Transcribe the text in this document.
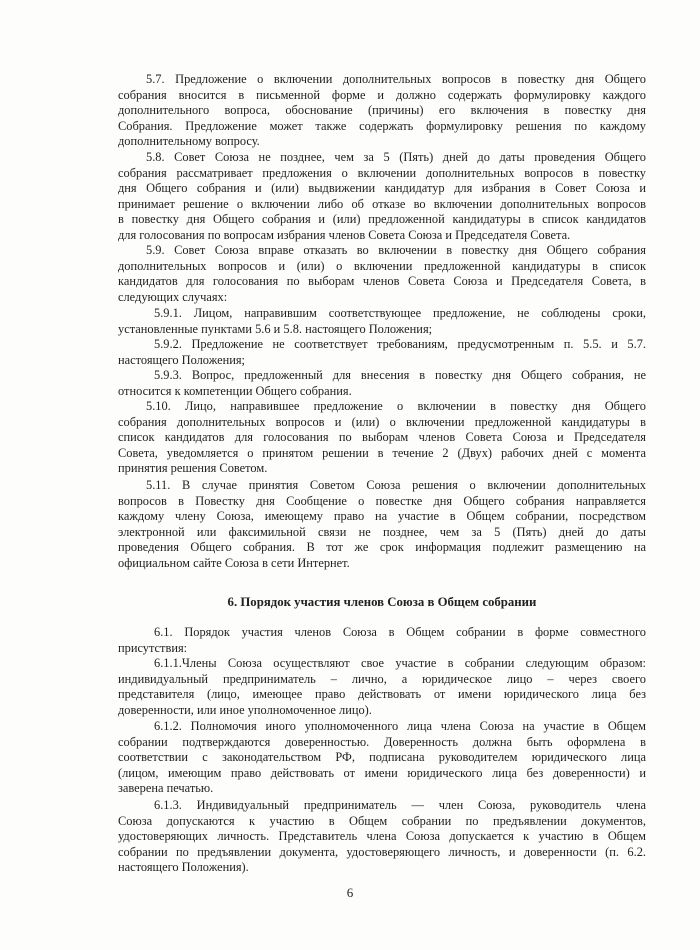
5.7. Предложение о включении дополнительных вопросов в повестку дня Общего
собрания вносится в письменной форме и должно содержать формулировку каждого
дополнительного вопроса, обоснование (причины) его включения в повестку дня
Собрания. Предложение может также содержать формулировку решения по каждому
дополнительному вопросу.
5.8. Совет Союза не позднее, чем за 5 (Пять) дней до даты проведения Общего
собрания рассматривает предложения о включении дополнительных вопросов в повестку
дня Общего собрания и (или) выдвижении кандидатур для избрания в Совет Союза и
принимает решение о включении либо об отказе во включении дополнительных вопросов
в повестку дня Общего собрания и (или) предложенной кандидатуры в список кандидатов
для голосования по вопросам избрания членов Совета Союза и Председателя Совета.
5.9. Совет Союза вправе отказать во включении в повестку дня Общего собрания
дополнительных вопросов и (или) о включении предложенной кандидатуры в список
кандидатов для голосования по выборам членов Совета Союза и Председателя Совета, в
следующих случаях:
5.9.1. Лицом, направившим соответствующее предложение, не соблюдены сроки,
установленные пунктами 5.6 и 5.8. настоящего Положения;
5.9.2. Предложение не соответствует требованиям, предусмотренным п. 5.5. и 5.7.
настоящего Положения;
5.9.3. Вопрос, предложенный для внесения в повестку дня Общего собрания, не
относится к компетенции Общего собрания.
5.10. Лицо, направившее предложение о включении в повестку дня Общего
собрания дополнительных вопросов и (или) о включении предложенной кандидатуры в
список кандидатов для голосования по выборам членов Совета Союза и Председателя
Совета, уведомляется о принятом решении в течение 2 (Двух) рабочих дней с момента
принятия решения Советом.
5.11. В случае принятия Советом Союза решения о включении дополнительных
вопросов в Повестку дня Сообщение о повестке дня Общего собрания направляется
каждому члену Союза, имеющему право на участие в Общем собрании, посредством
электронной или факсимильной связи не позднее, чем за 5 (Пять) дней до даты
проведения Общего собрания. В тот же срок информация подлежит размещению на
официальном сайте Союза в сети Интернет.
6. Порядок участия членов Союза в Общем собрании
6.1. Порядок участия членов Союза в Общем собрании в форме совместного
присутствия:
6.1.1.Члены Союза осуществляют свое участие в собрании следующим образом:
индивидуальный предприниматель – лично, а юридическое лицо – через своего
представителя (лицо, имеющее право действовать от имени юридического лица без
доверенности, или иное уполномоченное лицо).
6.1.2. Полномочия иного уполномоченного лица члена Союза на участие в Общем
собрании подтверждаются доверенностью. Доверенность должна быть оформлена в
соответствии с законодательством РФ, подписана руководителем юридического лица
(лицом, имеющим право действовать от имени юридического лица без доверенности) и
заверена печатью.
6.1.3. Индивидуальный предприниматель — член Союза, руководитель члена
Союза допускаются к участию в Общем собрании по предъявлении документов,
удостоверяющих личность. Представитель члена Союза допускается к участию в Общем
собрании по предъявлении документа, удостоверяющего личность, и доверенности (п. 6.2.
настоящего Положения).
6
